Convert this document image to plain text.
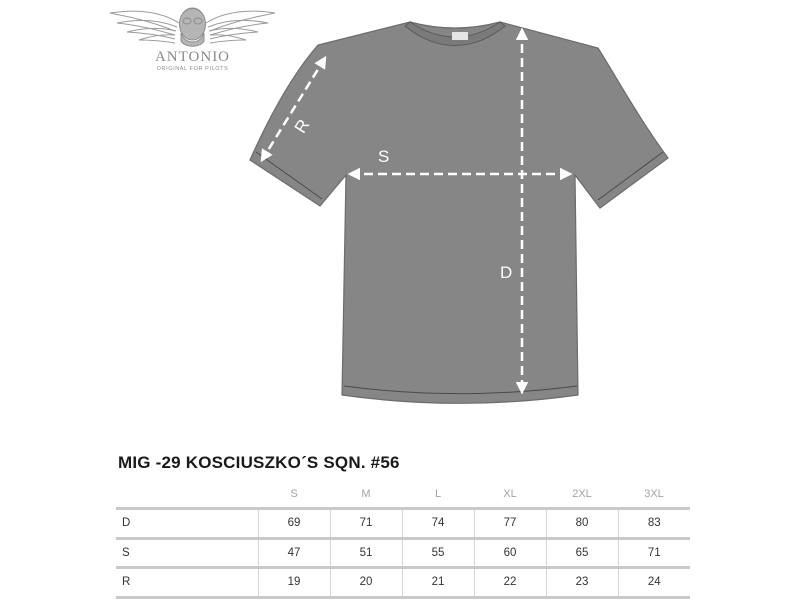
ANTONIO
ORIGINAL FOR PILOTS
R
S
D
MIG -29 KOSCIUSZKO´S SQN. #56
	S	M	L	XL	2XL	3XL
D	69	71	74	77	80	83
S	47	51	55	60	65	71
R	19	20	21	22	23	24
